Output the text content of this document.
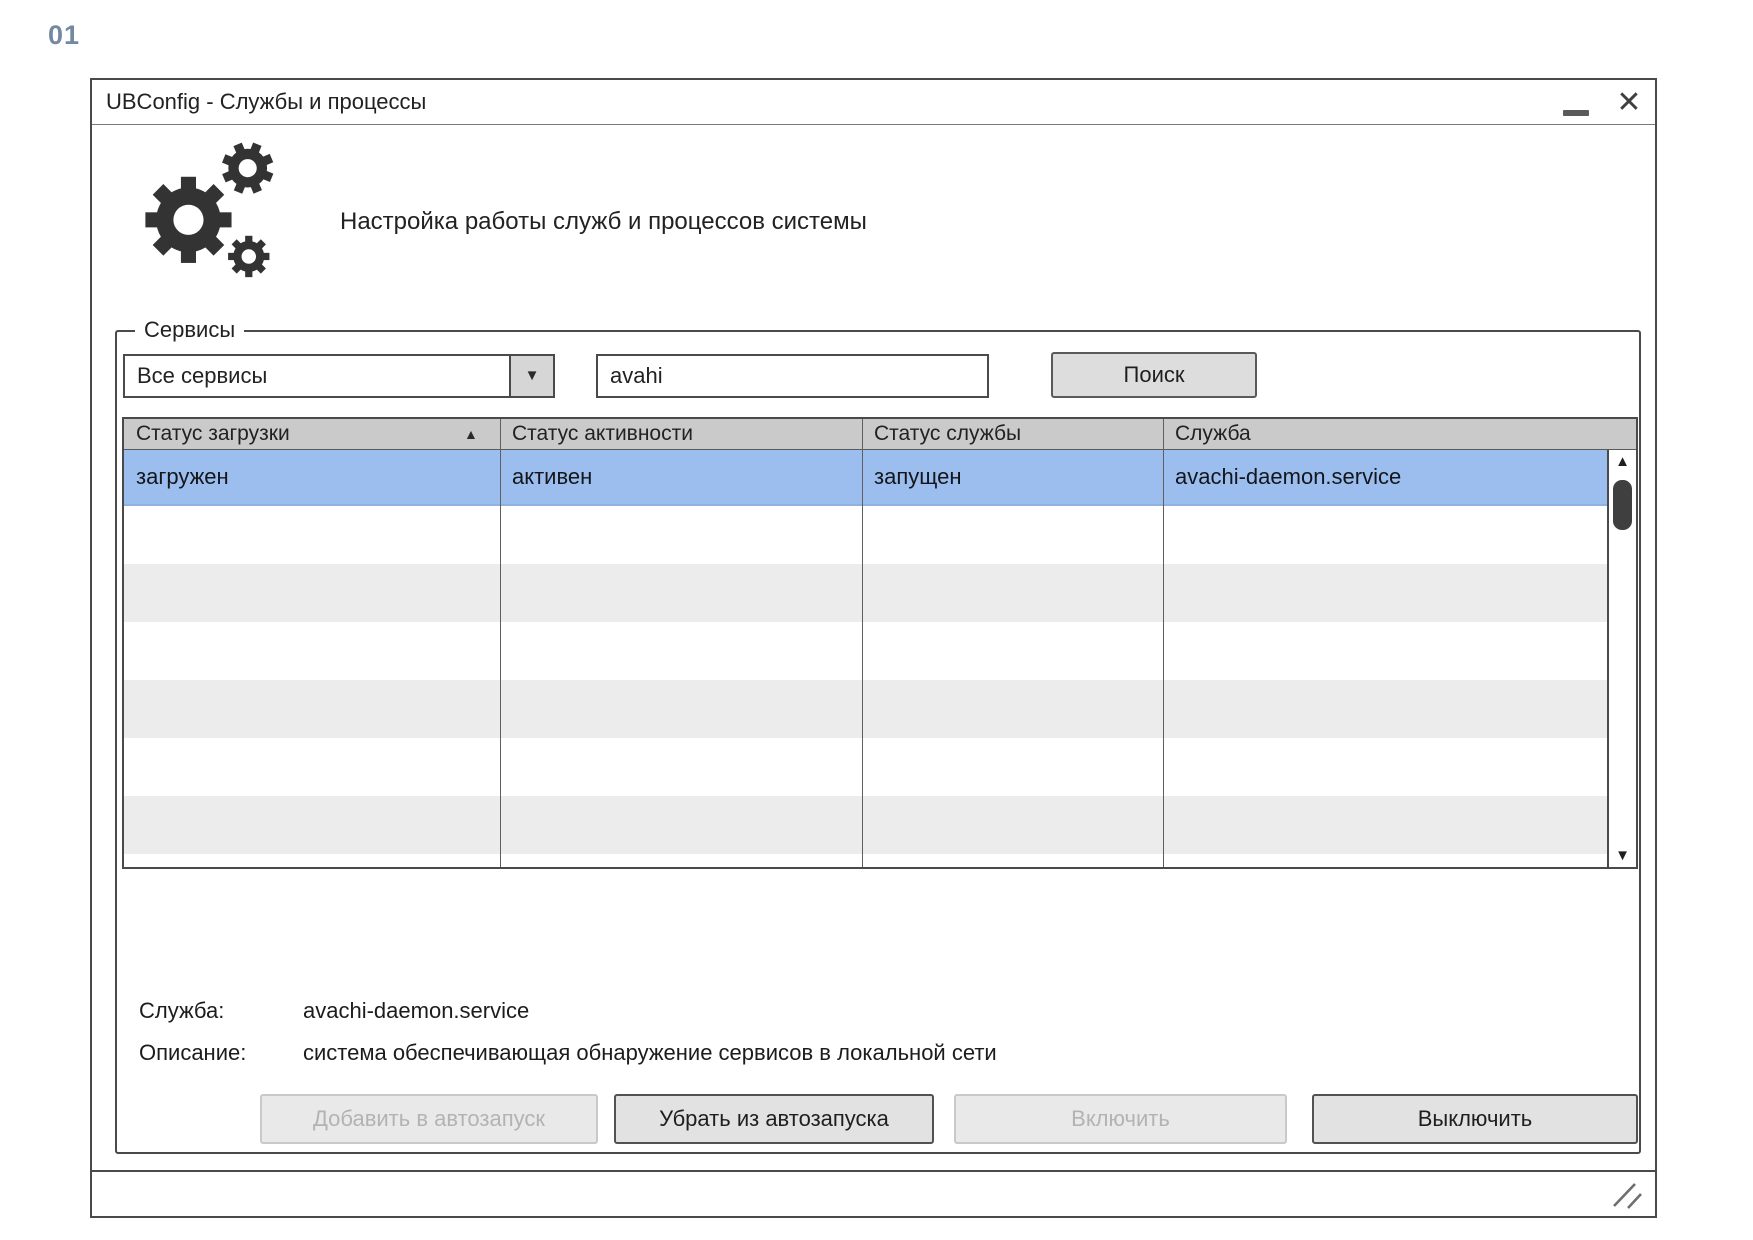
01
UBConfig - Службы и процессы	✕
Настройка работы служб и процессов системы
Сервисы
Все сервисы	▼
avahi	Поиск
Статус загрузки	▲	Статус активности	Статус службы	Служба
загружен	активен	запущен	avachi-daemon.service
▲
▼
Служба:	avachi-daemon.service
Описание:	система обеспечивающая обнаружение сервисов в локальной сети
Добавить в автозапуск	Убрать из автозапуска	Включить	Выключить
